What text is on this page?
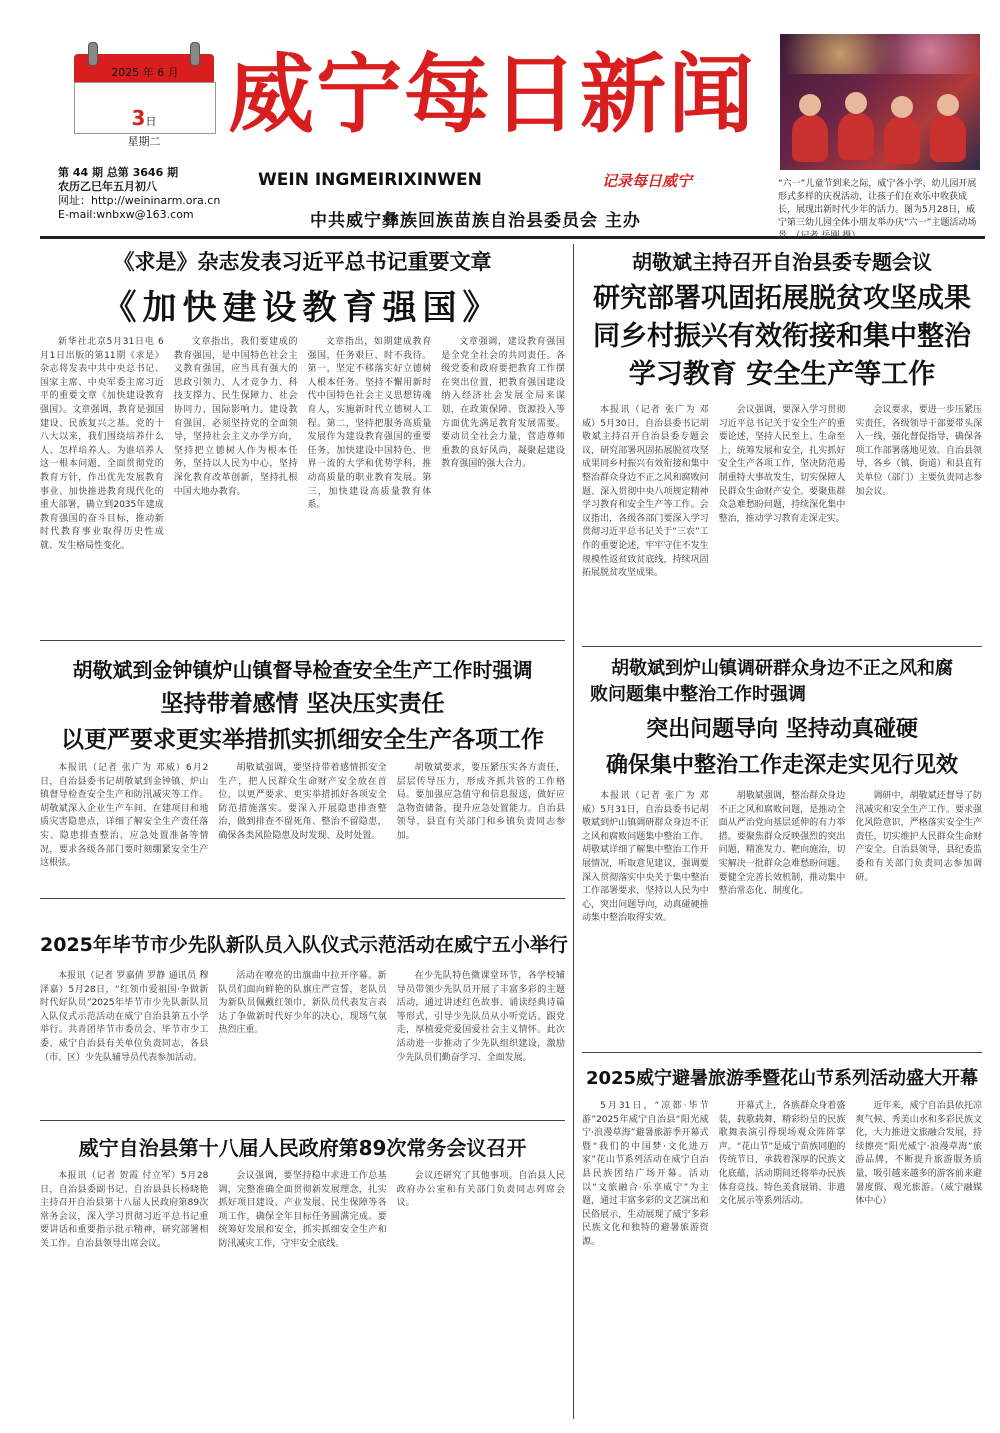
2025 年 6 月
3日
星期二
第 44 期 总第 3646 期
农历乙巳年五月初八
网址：http://weininarm.ora.cn
E-mail:wnbxw@163.com
威宁每日新闻
WEIN INGMEIRIXINWEN	记录每日威宁
中共威宁彝族回族苗族自治县委员会 主办
“六一”儿童节到来之际，威宁各小学、幼儿园开展形式多样的庆祝活动，让孩子们在欢乐中收获成长，展现出新时代少年的活力。图为5月28日，威宁第三幼儿园全体小朋友举办庆“六一”主题活动场
《求是》杂志发表习近平总书记重要文章
《加快建设教育强国》

新华社北京5月31日电 6月1日出版的第11期《求是》杂志将发表中共中央总书记、国家主席、中央军委主席习近平的重要文章《加快建设教育强国》。文章强调，教育是强国建设、民族复兴之基。党的十八大以来，我们围绕培养什么人、怎样培养人、为谁培养人这一根本问题，全面贯彻党的教育方针，作出优先发展教育事业、加快推进教育现代化的重大部署，确立到2035年建成教育强国的奋斗目标，推动新时代教育事业取得历史性成就、发生格局性变化。

文章指出，我们要建成的教育强国，是中国特色社会主义教育强国，应当具有强大的思政引领力、人才竞争力、科技支撑力、民生保障力、社会协同力、国际影响力。建设教育强国，必须坚持党的全面领导，坚持社会主义办学方向，坚持把立德树人作为根本任务，坚持以人民为中心，坚持深化教育改革创新，坚持扎根中国大地办教育。

文章指出，如期建成教育强国，任务艰巨、时不我待。第一，坚定不移落实好立德树人根本任务。坚持不懈用新时代中国特色社会主义思想铸魂育人，实施新时代立德树人工程。第二，坚持把服务高质量发展作为建设教育强国的重要任务，加快建设中国特色、世界一流的大学和优势学科，推动高质量的职业教育发展。第三，加快建设高质量教育体系。

文章强调，建设教育强国是全党全社会的共同责任。各级党委和政府要把教育工作摆在突出位置，把教育强国建设纳入经济社会发展全局来谋划，在政策保障、资源投入等方面优先满足教育发展需要。要动员全社会力量，营造尊师重教的良好风尚，凝聚起建设教育强国的强大合力。

胡敬斌主持召开自治县委专题会议
研究部署巩固拓展脱贫攻坚成果
同乡村振兴有效衔接和集中整治
学习教育 安全生产等工作

本报讯（记者 张广为 邓威）5月30日，自治县委书记胡敬斌主持召开自治县委专题会议，研究部署巩固拓展脱贫攻坚成果同乡村振兴有效衔接和集中整治群众身边不正之风和腐败问题、深入贯彻中央八项规定精神学习教育和安全生产等工作。会议指出，各级各部门要深入学习贯彻习近平总书记关于“三农”工作的重要论述，牢牢守住不发生规模性返贫致贫底线，持续巩固拓展脱贫攻坚成果。

会议强调，要深入学习贯彻习近平总书记关于安全生产的重要论述，坚持人民至上、生命至上，统筹发展和安全，扎实抓好安全生产各项工作，坚决防范遏制重特大事故发生，切实保障人民群众生命财产安全。要聚焦群众急难愁盼问题，持续深化集中整治，推动学习教育走深走实。

会议要求，要进一步压紧压实责任，各级领导干部要带头深入一线，强化督促指导，确保各项工作部署落地见效。自治县领导，各乡（镇、街道）和县直有关单位（部门）主要负责同志参加会议。

胡敬斌到金钟镇炉山镇督导检查安全生产工作时强调
坚持带着感情 坚决压实责任
以更严要求更实举措抓实抓细安全生产各项工作

本报讯（记者 张广为 邓威）6月2日，自治县委书记胡敬斌到金钟镇、炉山镇督导检查安全生产和防汛减灾等工作。胡敬斌深入企业生产车间、在建项目和地质灾害隐患点，详细了解安全生产责任落实、隐患排查整治、应急处置准备等情况，要求各级各部门要时刻绷紧安全生产这根弦。

胡敬斌强调，要坚持带着感情抓安全生产，把人民群众生命财产安全放在首位，以更严要求、更实举措抓好各项安全防范措施落实。要深入开展隐患排查整治，做到排查不留死角、整治不留隐患，确保各类风险隐患及时发现、及时处置。

胡敬斌要求，要压紧压实各方责任，层层传导压力，形成齐抓共管的工作格局。要加强应急值守和信息报送，做好应急物资储备，提升应急处置能力。自治县领导，县直有关部门和乡镇负责同志参加。

胡敬斌到炉山镇调研群众身边不正之风和腐
败问题集中整治工作时强调
突出问题导向 坚持动真碰硬
确保集中整治工作走深走实见行见效

本报讯（记者 张广为 邓威）5月31日，自治县委书记胡敬斌到炉山镇调研群众身边不正之风和腐败问题集中整治工作。胡敬斌详细了解集中整治工作开展情况，听取意见建议，强调要深入贯彻落实中央关于集中整治工作部署要求，坚持以人民为中心，突出问题导向，动真碰硬推动集中整治取得实效。

胡敬斌强调，整治群众身边不正之风和腐败问题，是推动全面从严治党向基层延伸的有力举措。要聚焦群众反映强烈的突出问题，精准发力、靶向施治，切实解决一批群众急难愁盼问题。要健全完善长效机制，推动集中整治常态化、制度化。

调研中，胡敬斌还督导了防汛减灾和安全生产工作。要求强化风险意识，严格落实安全生产责任，切实维护人民群众生命财产安全。自治县领导，县纪委监委和有关部门负责同志参加调研。

2025年毕节市少先队新队员入队仪式示范活动在威宁五小举行

本报讯（记者 罗嘉倩 罗静 通讯员 穆泽嘉）5月28日，“红领巾爱祖国·争做新时代好队员”2025年毕节市少先队新队员入队仪式示范活动在威宁自治县第五小学举行。共青团毕节市委员会、毕节市少工委、威宁自治县有关单位负责同志，各县（市、区）少先队辅导员代表参加活动。

活动在嘹亮的出旗曲中拉开序幕。新队员们面向鲜艳的队旗庄严宣誓，老队员为新队员佩戴红领巾，新队员代表发言表达了争做新时代好少年的决心，现场气氛热烈庄重。

在少先队特色微课堂环节，各学校辅导员带领少先队员开展了丰富多彩的主题活动，通过讲述红色故事、诵读经典诗篇等形式，引导少先队员从小听党话、跟党走，厚植爱党爱国爱社会主义情怀。此次活动进一步推动了少先队组织建设，激励少先队员们勤奋学习、全面发展。

威宁自治县第十八届人民政府第89次常务会议召开

本报讯（记者 贺霞 付立军）5月28日，自治县委副书记、自治县县长杨晓艳主持召开自治县第十八届人民政府第89次常务会议，深入学习贯彻习近平总书记重要讲话和重要指示批示精神，研究部署相关工作。自治县领导出席会议。

会议强调，要坚持稳中求进工作总基调，完整准确全面贯彻新发展理念，扎实抓好项目建设、产业发展、民生保障等各项工作，确保全年目标任务圆满完成。要统筹好发展和安全，抓实抓细安全生产和防汛减灾工作，守牢安全底线。

会议还研究了其他事项。自治县人民政府办公室和有关部门负责同志列席会议。

2025威宁避暑旅游季暨花山节系列活动盛大开幕

5月31日，“凉都·毕节游”2025年威宁自治县“阳光威宁·浪漫草海”避暑旅游季开幕式暨“我们的中国梦·文化进万家”花山节系列活动在威宁自治县民族团结广场开幕。活动以“文旅融合·乐享威宁”为主题，通过丰富多彩的文艺演出和民俗展示，生动展现了威宁多彩民族文化和独特的避暑旅游资源。

开幕式上，各族群众身着盛装，载歌载舞，精彩纷呈的民族歌舞表演引得现场观众阵阵掌声。“花山节”是威宁苗族同胞的传统节日，承载着深厚的民族文化底蕴，活动期间还将举办民族体育竞技、特色美食展销、非遗文化展示等系列活动。

近年来，威宁自治县依托凉爽气候、秀美山水和多彩民族文化，大力推进文旅融合发展，持续擦亮“阳光威宁·浪漫草海”旅游品牌，不断提升旅游服务质量，吸引越来越多的游客前来避暑度假、观光旅游。（威宁融媒体中心）
